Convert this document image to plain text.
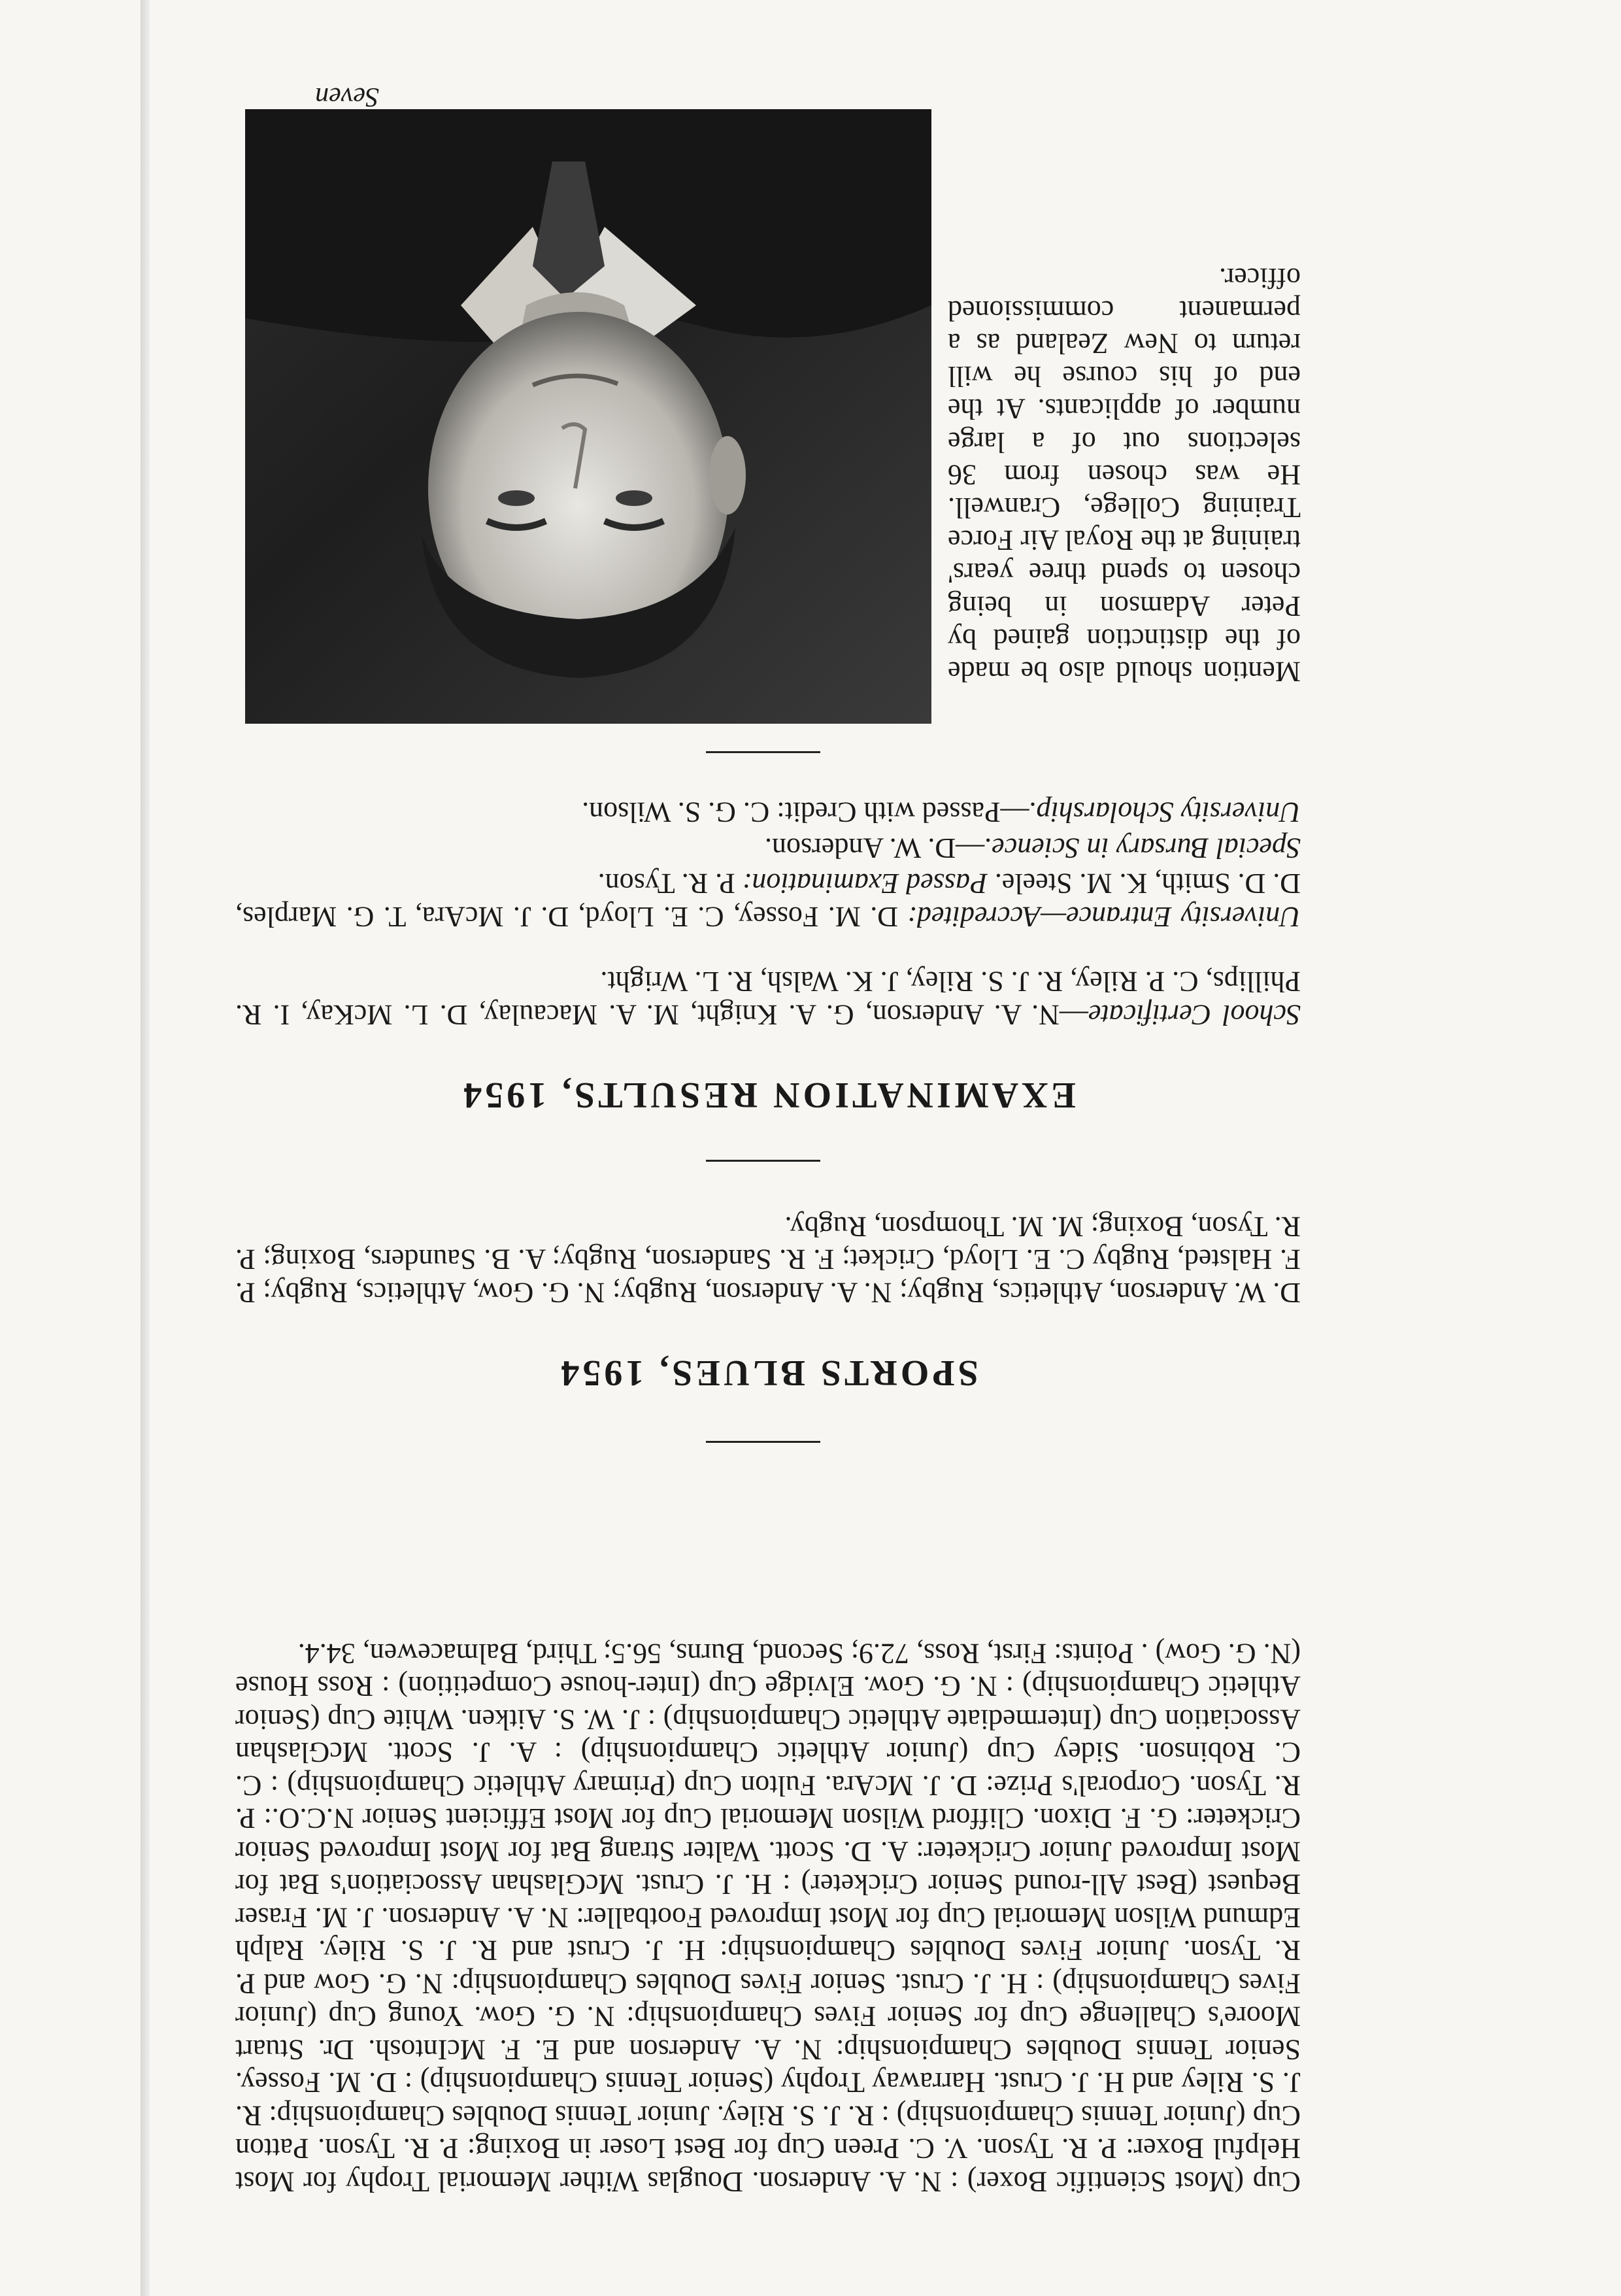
Cup (Most Scientific Boxer) : N. A. Anderson. Douglas Wither Memorial Trophy for Most Helpful Boxer: P. R. Tyson. V. C. Preen Cup for Best Loser in Boxing: P. R. Tyson. Patton Cup (Junior Tennis Championship) : R. J. S. Riley. Junior Tennis Doubles Championship: R. J. S. Riley and H. J. Crust. Harraway Trophy (Senior Tennis Championship) : D. M. Fossey. Senior Tennis Doubles Championship: N. A. Anderson and E. F. McIntosh. Dr. Stuart Moore's Challenge Cup for Senior Fives Championship: N. G. Gow. Young Cup (Junior Fives Championship) : H. J. Crust. Senior Fives Doubles Championship: N. G. Gow and P. R. Tyson. Junior Fives Doubles Championship: H. J. Crust and R. J. S. Riley. Ralph Edmund Wilson Memorial Cup for Most Improved Footballer: N. A. Anderson. J. M. Fraser Bequest (Best All-round Senior Cricketer) : H. J. Crust. McGlashan Association's Bat for Most Improved Junior Cricketer: A. D. Scott. Walter Strang Bat for Most Improved Senior Cricketer: G. F. Dixon. Clifford Wilson Memorial Cup for Most Efficient Senior N.C.O.: P. R. Tyson. Corporal's Prize: D. J. McAra. Fulton Cup (Primary Athletic Championship) : C. C. Robinson. Sidey Cup (Junior Athletic Championship) : A. J. Scott. McGlashan Association Cup (Intermediate Athletic Championship) : J. W. S. Aitken. White Cup (Senior Athletic Championship) : N. G. Gow. Elvidge Cup (Inter-house Competition) : Ross House (N. G. Gow) . Points: First, Ross, 72.9; Second, Burns, 56.5; Third, Balmacewen, 34.4.

SPORTS BLUES, 1954

D. W. Anderson, Athletics, Rugby; N. A. Anderson, Rugby; N. G. Gow, Athletics, Rugby; P. F. Halsted, Rugby C. E. Lloyd, Cricket; F. R. Sanderson, Rugby; A. B. Saunders, Boxing; P. R. Tyson, Boxing; M. M. Thompson, Rugby.

EXAMINATION RESULTS, 1954

School Certificate—N. A. Anderson, G. A. Knight, M. A. Macaulay, D. L. McKay, I. R. Phillips, C. P. Riley, R. J. S. Riley, J. K. Walsh, R. L. Wright.

University Entrance—Accredited: D. M. Fossey, C. E. Lloyd, D. J. McAra, T. G. Marples, D. D. Smith, K. M. Steele. Passed Examination: P. R. Tyson.

Special Bursary in Science.—D. W. Anderson.

University Scholarship.—Passed with Credit: C. G. S. Wilson.

Mention should also be made of the distinction gained by Peter Adamson in being chosen to spend three years' training at the Royal Air Force Training College, Cranwell. He was chosen from 36 selections out of a large number of applicants. At the end of his course he will return to New Zealand as a permanent commissioned officer.

Seven
